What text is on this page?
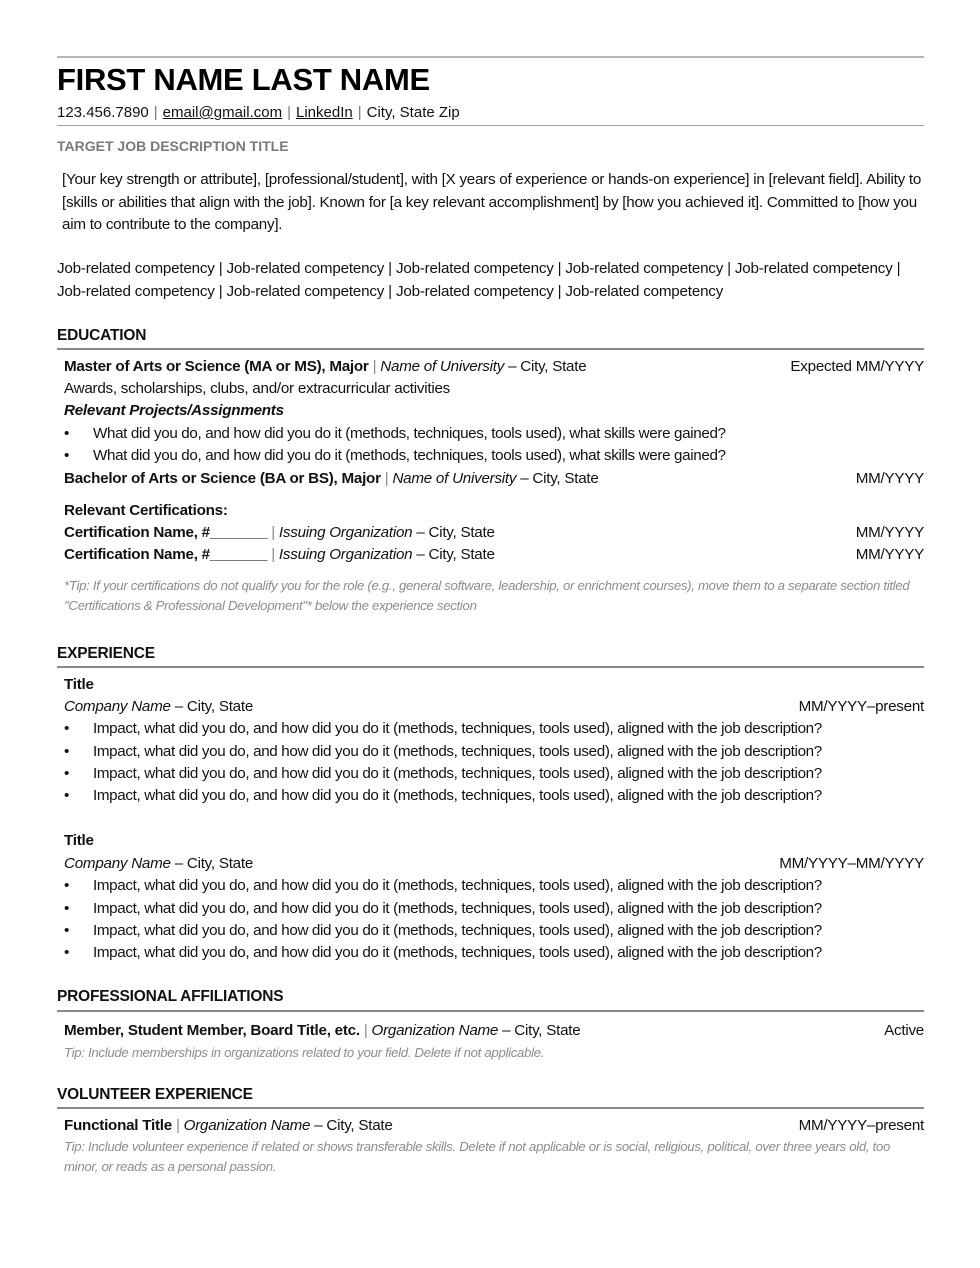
FIRST NAME LAST NAME
123.456.7890 | email@gmail.com | LinkedIn | City, State Zip
TARGET JOB DESCRIPTION TITLE
[Your key strength or attribute], [professional/student], with [X years of experience or hands-on experience] in [relevant field]. Ability to [skills or abilities that align with the job]. Known for [a key relevant accomplishment] by [how you achieved it]. Committed to [how you aim to contribute to the company].
Job-related competency | Job-related competency | Job-related competency | Job-related competency | Job-related competency | Job-related competency | Job-related competency | Job-related competency | Job-related competency
EDUCATION
Master of Arts or Science (MA or MS), Major | Name of University – City, State	Expected MM/YYYY
Awards, scholarships, clubs, and/or extracurricular activities
Relevant Projects/Assignments
• What did you do, and how did you do it (methods, techniques, tools used), what skills were gained?
• What did you do, and how did you do it (methods, techniques, tools used), what skills were gained?
Bachelor of Arts or Science (BA or BS), Major | Name of University – City, State	MM/YYYY
Relevant Certifications:
Certification Name, #_______ | Issuing Organization – City, State	MM/YYYY
Certification Name, #_______ | Issuing Organization – City, State	MM/YYYY
*Tip: If your certifications do not qualify you for the role (e.g., general software, leadership, or enrichment courses), move them to a separate section titled "Certifications & Professional Development"* below the experience section
EXPERIENCE
Title
Company Name – City, State	MM/YYYY–present
• Impact, what did you do, and how did you do it (methods, techniques, tools used), aligned with the job description?
• Impact, what did you do, and how did you do it (methods, techniques, tools used), aligned with the job description?
• Impact, what did you do, and how did you do it (methods, techniques, tools used), aligned with the job description?
• Impact, what did you do, and how did you do it (methods, techniques, tools used), aligned with the job description?
Title
Company Name – City, State	MM/YYYY–MM/YYYY
• Impact, what did you do, and how did you do it (methods, techniques, tools used), aligned with the job description?
• Impact, what did you do, and how did you do it (methods, techniques, tools used), aligned with the job description?
• Impact, what did you do, and how did you do it (methods, techniques, tools used), aligned with the job description?
• Impact, what did you do, and how did you do it (methods, techniques, tools used), aligned with the job description?
PROFESSIONAL AFFILIATIONS
Member, Student Member, Board Title, etc. | Organization Name – City, State	Active
Tip: Include memberships in organizations related to your field. Delete if not applicable.
VOLUNTEER EXPERIENCE
Functional Title | Organization Name – City, State	MM/YYYY–present
Tip: Include volunteer experience if related or shows transferable skills. Delete if not applicable or is social, religious, political, over three years old, too minor, or reads as a personal passion.
